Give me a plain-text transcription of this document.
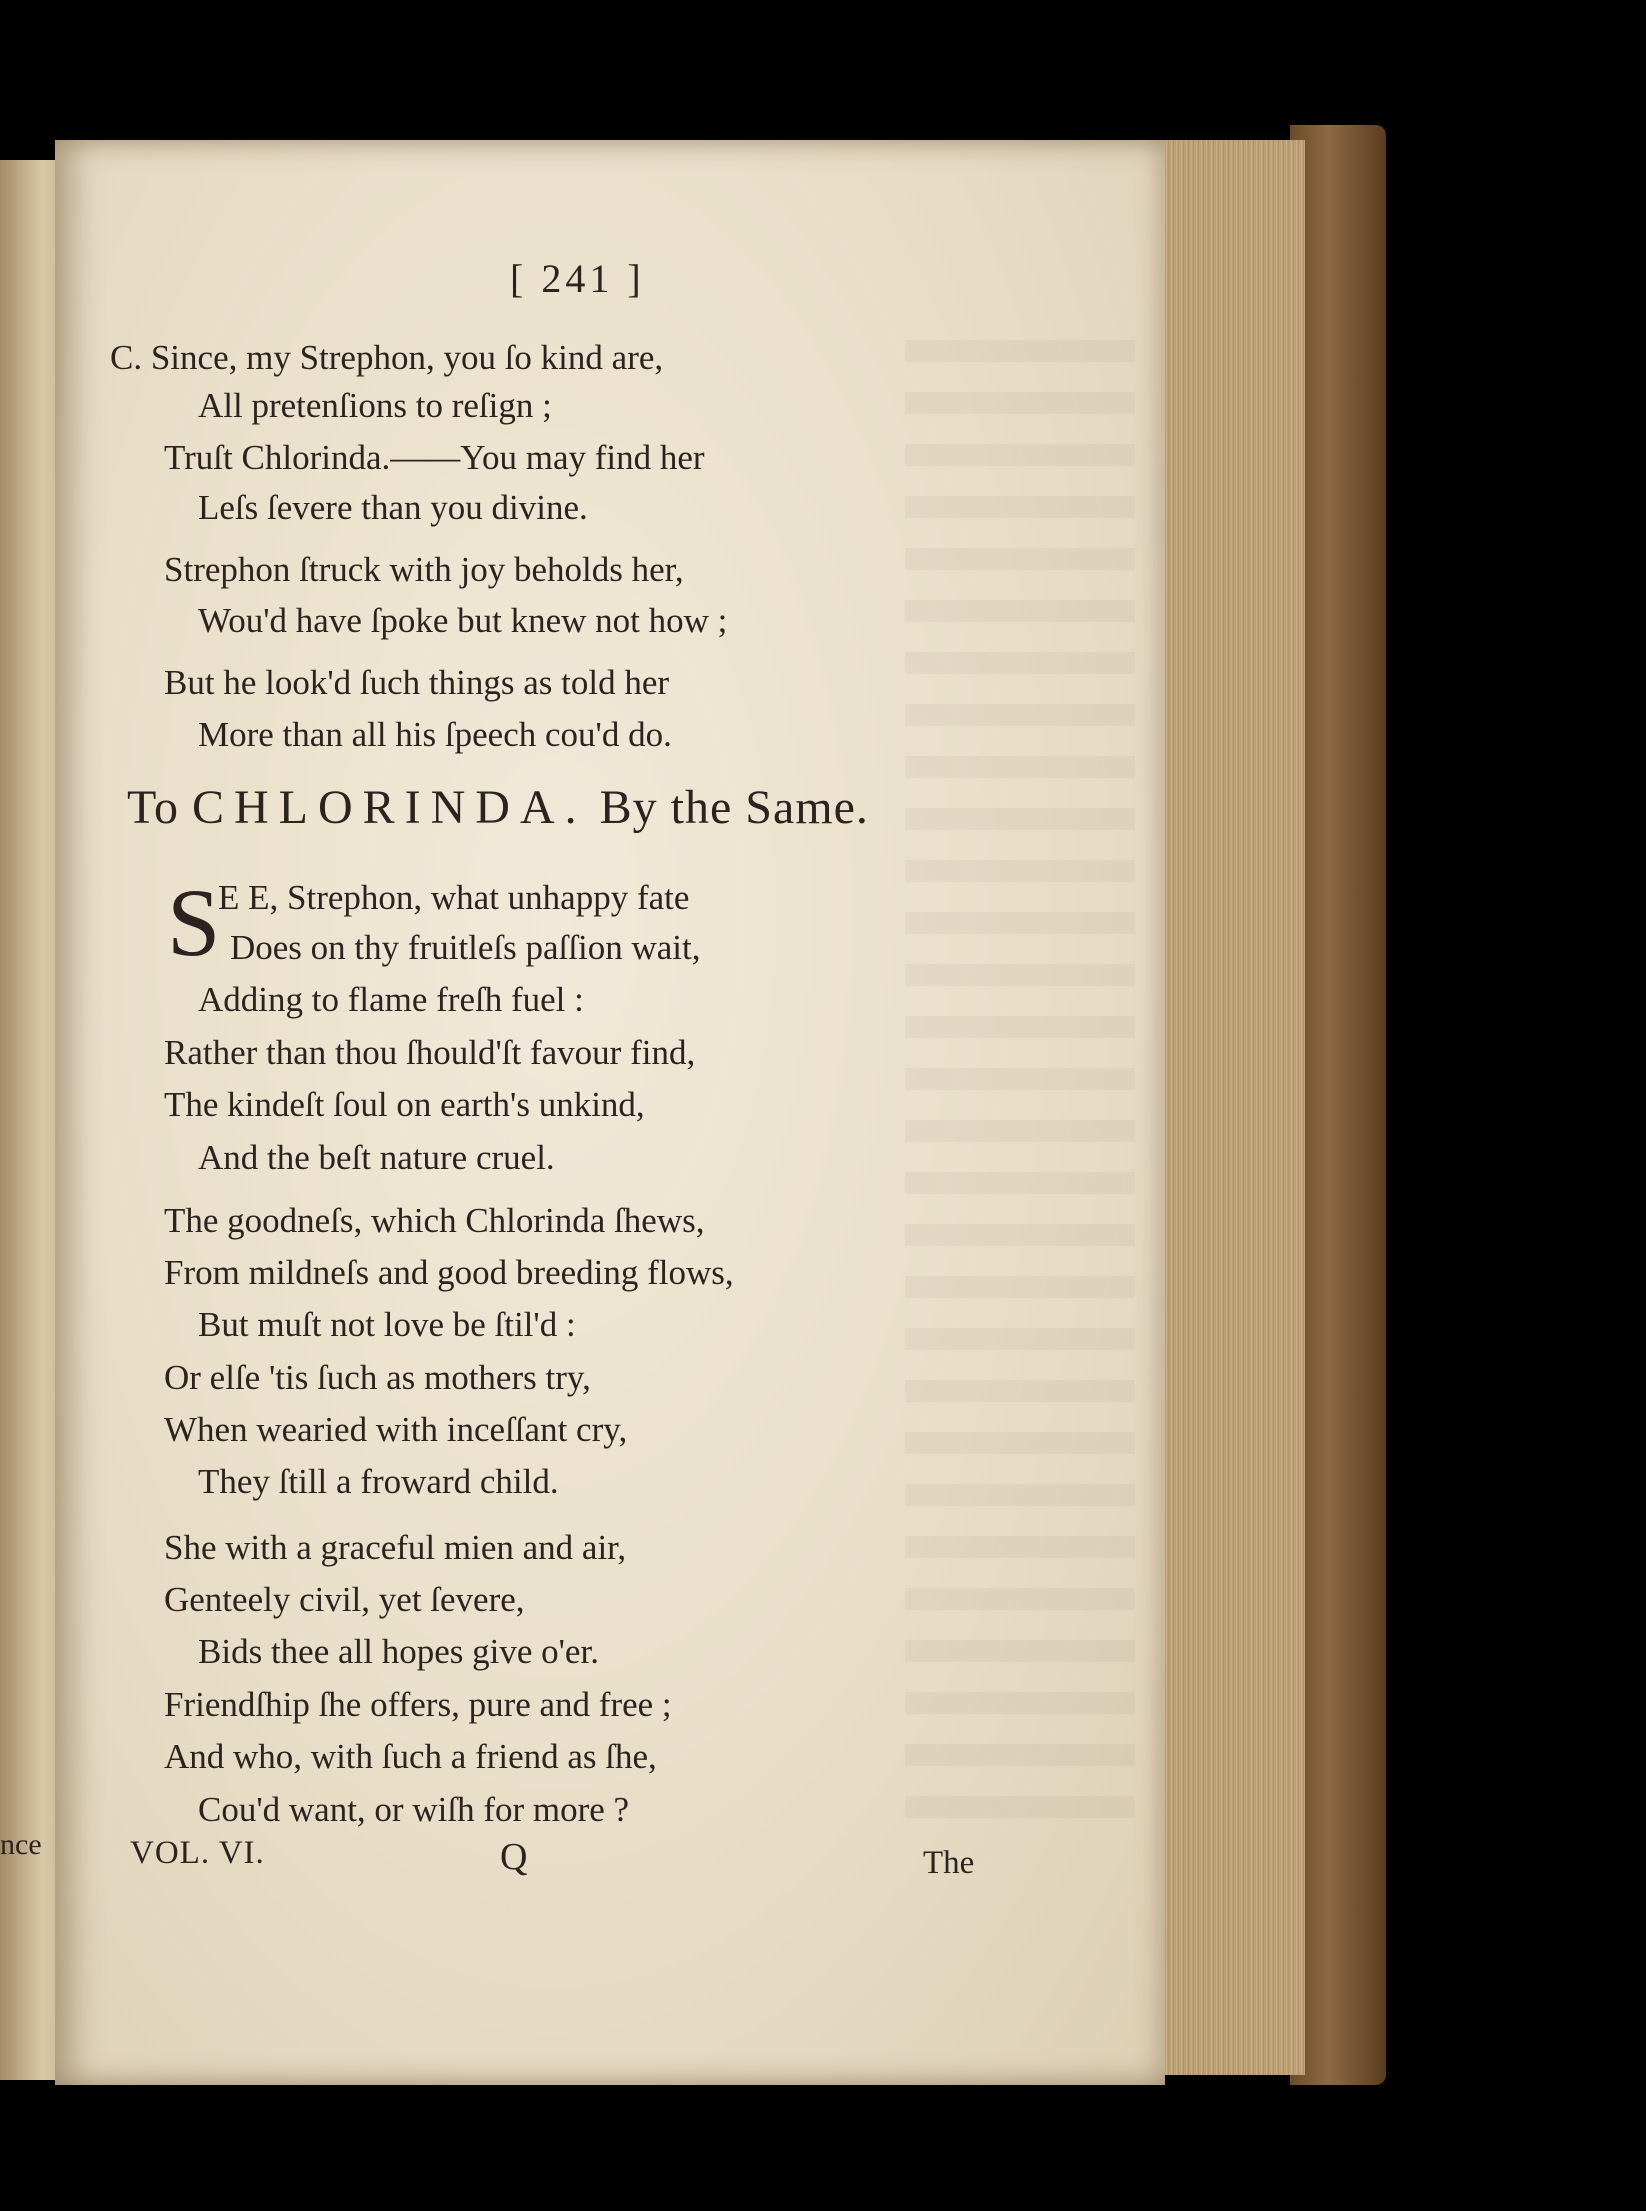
nce
[ 241 ]
C. Since, my Strephon, you ſo kind are,
All pretenſions to reſign ;
Truſt Chlorinda.——You may find her
Leſs ſevere than you divine.
Strephon ſtruck with joy beholds her,
Wou'd have ſpoke but knew not how ;
But he look'd ſuch things as told her
More than all his ſpeech cou'd do.
To CHLORINDA. By the Same.
S
E E, Strephon, what unhappy fate
Does on thy fruitleſs paſſion wait,
Adding to flame freſh fuel :
Rather than thou ſhould'ſt favour find,
The kindeſt ſoul on earth's unkind,
And the beſt nature cruel.
The goodneſs, which Chlorinda ſhews,
From mildneſs and good breeding flows,
But muſt not love be ſtil'd :
Or elſe 'tis ſuch as mothers try,
When wearied with inceſſant cry,
They ſtill a froward child.
She with a graceful mien and air,
Genteely civil, yet ſevere,
Bids thee all hopes give o'er.
Friendſhip ſhe offers, pure and free ;
And who, with ſuch a friend as ſhe,
Cou'd want, or wiſh for more ?
VOL. VI.	Q	The
